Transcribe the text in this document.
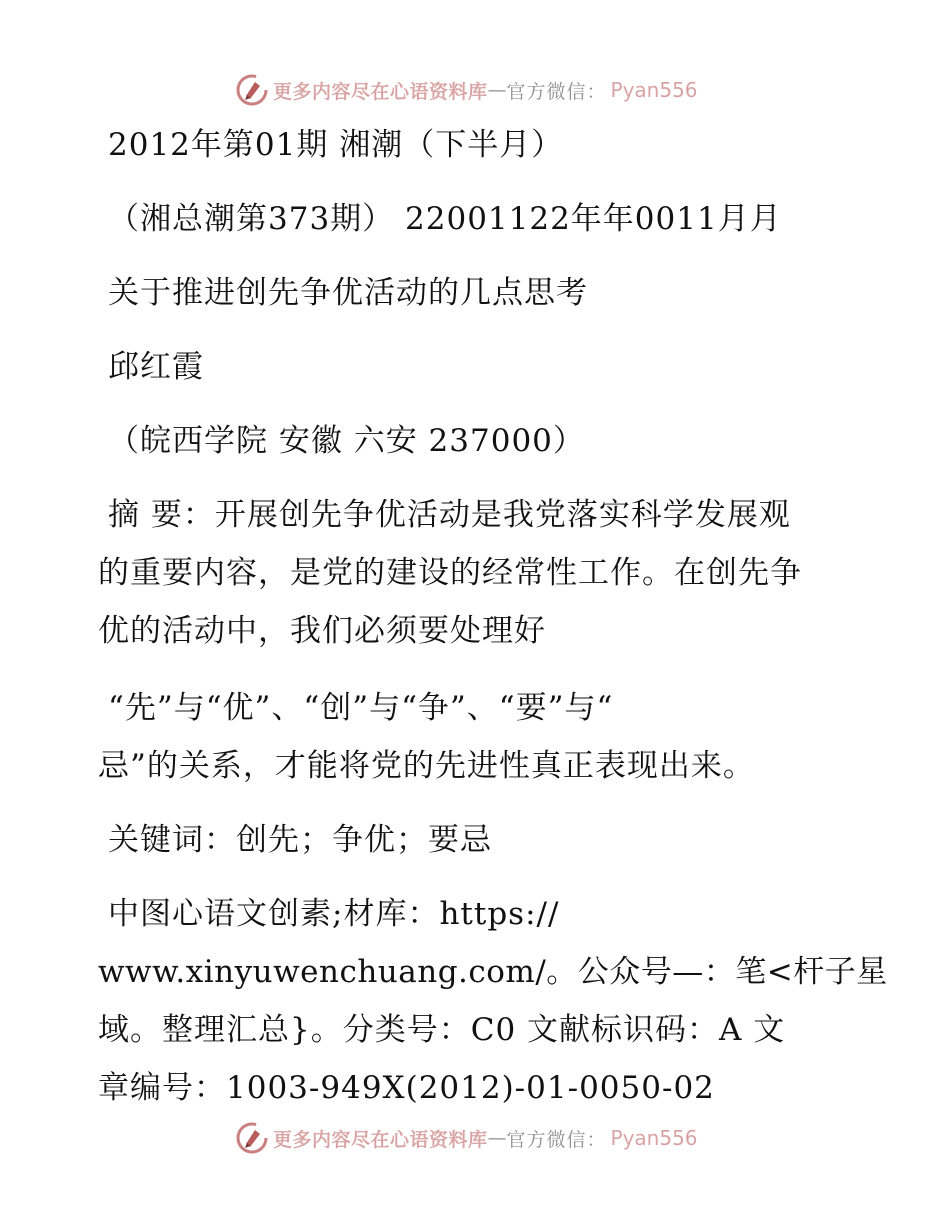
更多内容尽在心语资料库 — 官方微信： Pyan556
2012年第01期 湘潮（下半月）
（湘总潮第373期） 22001122年年0011月月
关于推进创先争优活动的几点思考
邱红霞
（皖西学院 安徽 六安 237000）
摘 要：开展创先争优活动是我党落实科学发展观
的重要内容，是党的建设的经常性工作。在创先争
优的活动中，我们必须要处理好
“先”与“优”、“创”与“争”、“要”与“
忌”的关系，才能将党的先进性真正表现出来。
关键词：创先；争优；要忌
中图心语文创素;材库：https://
www.xinyuwenchuang.com/。公众号—：笔<杆子星
域。整理汇总}。分类号：C0 文献标识码：A 文
章编号：1003-949X(2012)-01-0050-02
更多内容尽在心语资料库 — 官方微信： Pyan556
